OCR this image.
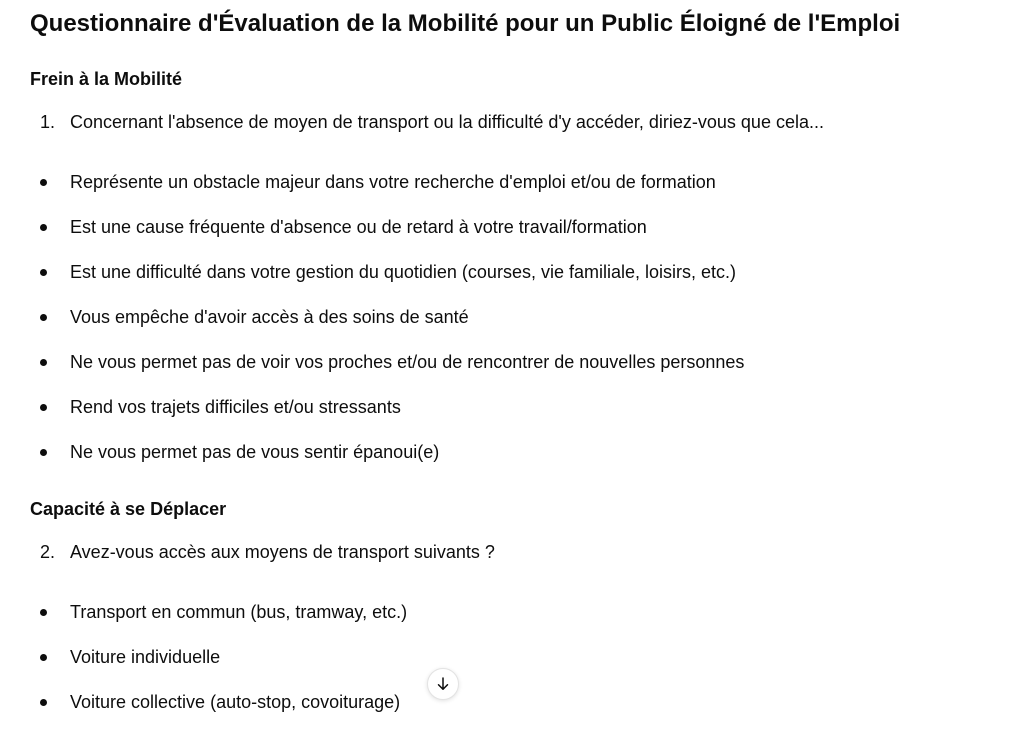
Questionnaire d'Évaluation de la Mobilité pour un Public Éloigné de l'Emploi
Frein à la Mobilité
1. Concernant l'absence de moyen de transport ou la difficulté d'y accéder, diriez-vous que cela...
Représente un obstacle majeur dans votre recherche d'emploi et/ou de formation
Est une cause fréquente d'absence ou de retard à votre travail/formation
Est une difficulté dans votre gestion du quotidien (courses, vie familiale, loisirs, etc.)
Vous empêche d'avoir accès à des soins de santé
Ne vous permet pas de voir vos proches et/ou de rencontrer de nouvelles personnes
Rend vos trajets difficiles et/ou stressants
Ne vous permet pas de vous sentir épanoui(e)
Capacité à se Déplacer
2. Avez-vous accès aux moyens de transport suivants ?
Transport en commun (bus, tramway, etc.)
Voiture individuelle
Voiture collective (auto-stop, covoiturage)
